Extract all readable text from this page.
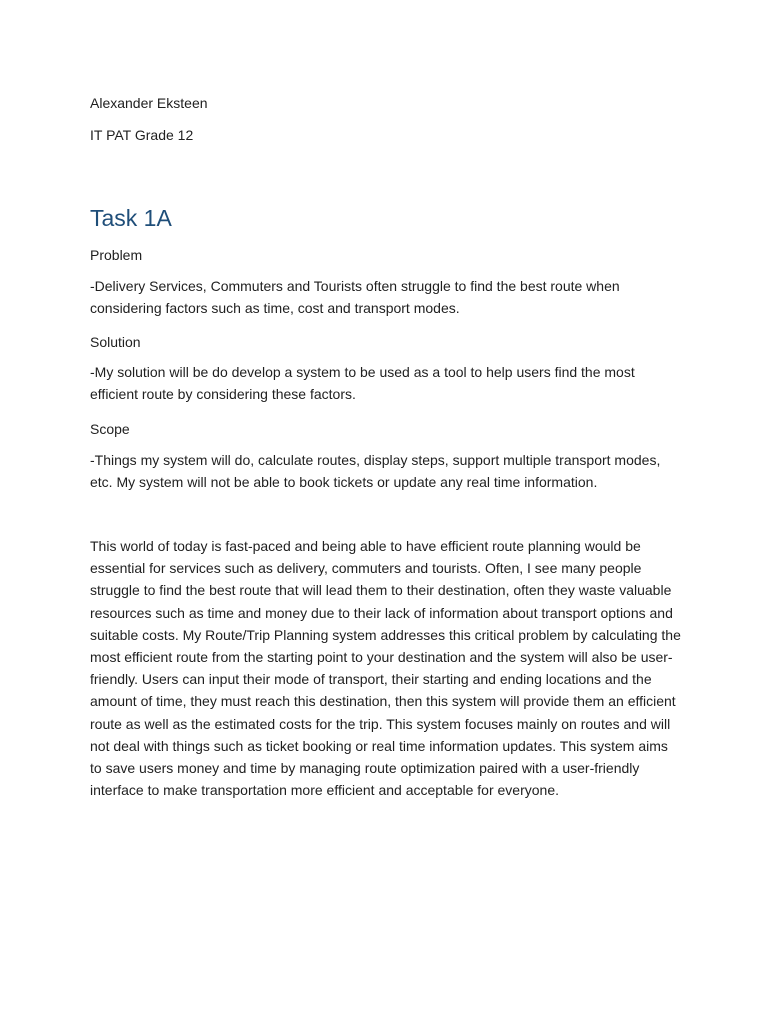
Alexander Eksteen
IT PAT Grade 12
Task 1A
Problem
-Delivery Services, Commuters and Tourists often struggle to find the best route when considering factors such as time, cost and transport modes.
Solution
-My solution will be do develop a system to be used as a tool to help users find the most efficient route by considering these factors.
Scope
-Things my system will do, calculate routes, display steps, support multiple transport modes, etc. My system will not be able to book tickets or update any real time information.
This world of today is fast-paced and being able to have efficient route planning would be essential for services such as delivery, commuters and tourists. Often, I see many people struggle to find the best route that will lead them to their destination, often they waste valuable resources such as time and money due to their lack of information about transport options and suitable costs. My Route/Trip Planning system addresses this critical problem by calculating the most efficient route from the starting point to your destination and the system will also be user-friendly. Users can input their mode of transport, their starting and ending locations and the amount of time, they must reach this destination, then this system will provide them an efficient route as well as the estimated costs for the trip. This system focuses mainly on routes and will not deal with things such as ticket booking or real time information updates. This system aims to save users money and time by managing route optimization paired with a user-friendly interface to make transportation more efficient and acceptable for everyone.
